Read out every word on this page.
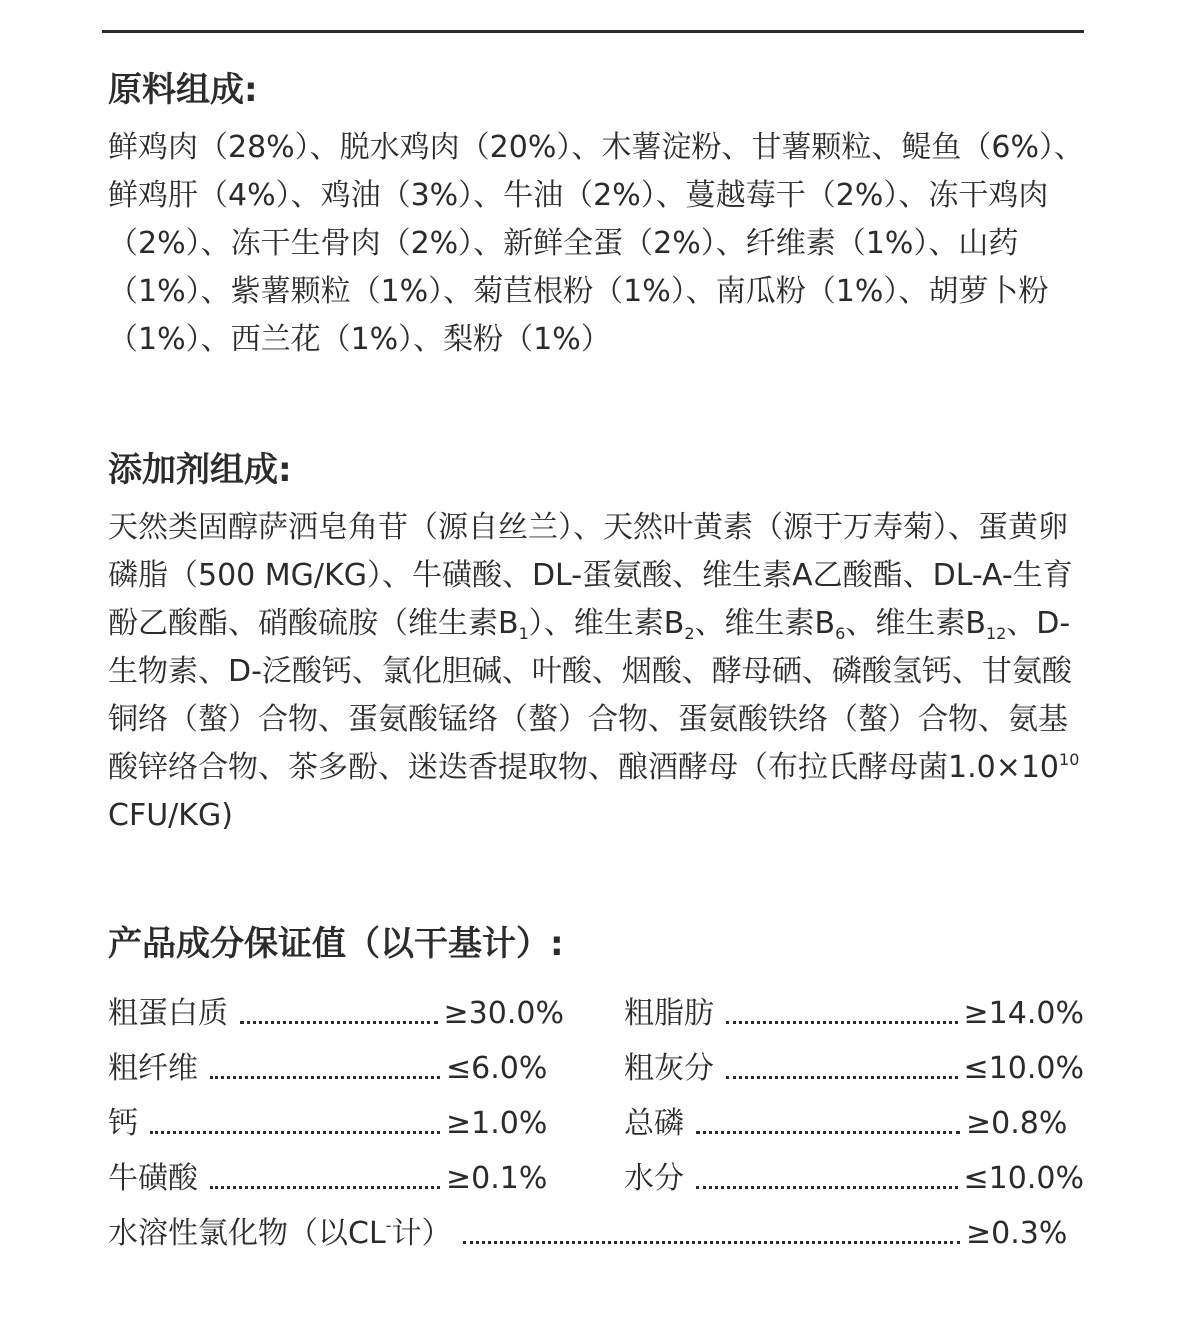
原料组成:

鲜鸡肉（28%）、脱水鸡肉（20%）、木薯淀粉、甘薯颗粒、鳀鱼（6%）、鲜鸡肝（4%）、鸡油（3%）、牛油（2%）、蔓越莓干（2%）、冻干鸡肉（2%）、冻干生骨肉（2%）、新鲜全蛋（2%）、纤维素（1%）、山药（1%）、紫薯颗粒（1%）、菊苣根粉（1%）、南瓜粉（1%）、胡萝卜粉（1%）、西兰花（1%）、梨粉（1%）

添加剂组成:

天然类固醇萨洒皂角苷（源自丝兰）、天然叶黄素（源于万寿菊）、蛋黄卵磷脂（500 MG/KG）、牛磺酸、DL-蛋氨酸、维生素A乙酸酯、DL-A-生育酚乙酸酯、硝酸硫胺（维生素$B_1$）、维生素$B_2$、维生素$B_6$、维生素$B_{12}$、D-生物素、D-泛酸钙、氯化胆碱、叶酸、烟酸、酵母硒、磷酸氢钙、甘氨酸铜络（螯）合物、蛋氨酸锰络（螯）合物、蛋氨酸铁络（螯）合物、氨基酸锌络合物、茶多酚、迷迭香提取物、酿酒酵母（布拉氏酵母菌$1.0\times 10^{10}CFU/KG$)

产品成分保证值（以干基计）:
粗蛋白质	≥30.0% 粗脂肪	≥14.0%
粗纤维	≤6.0%	粗灰分	≤10.0%
钙	≥1.0%	总磷	≥0.8%
牛磺酸	≥0.1%	水分	≤10.0%
水溶性氯化物（以CL-计）	≥0.3%
